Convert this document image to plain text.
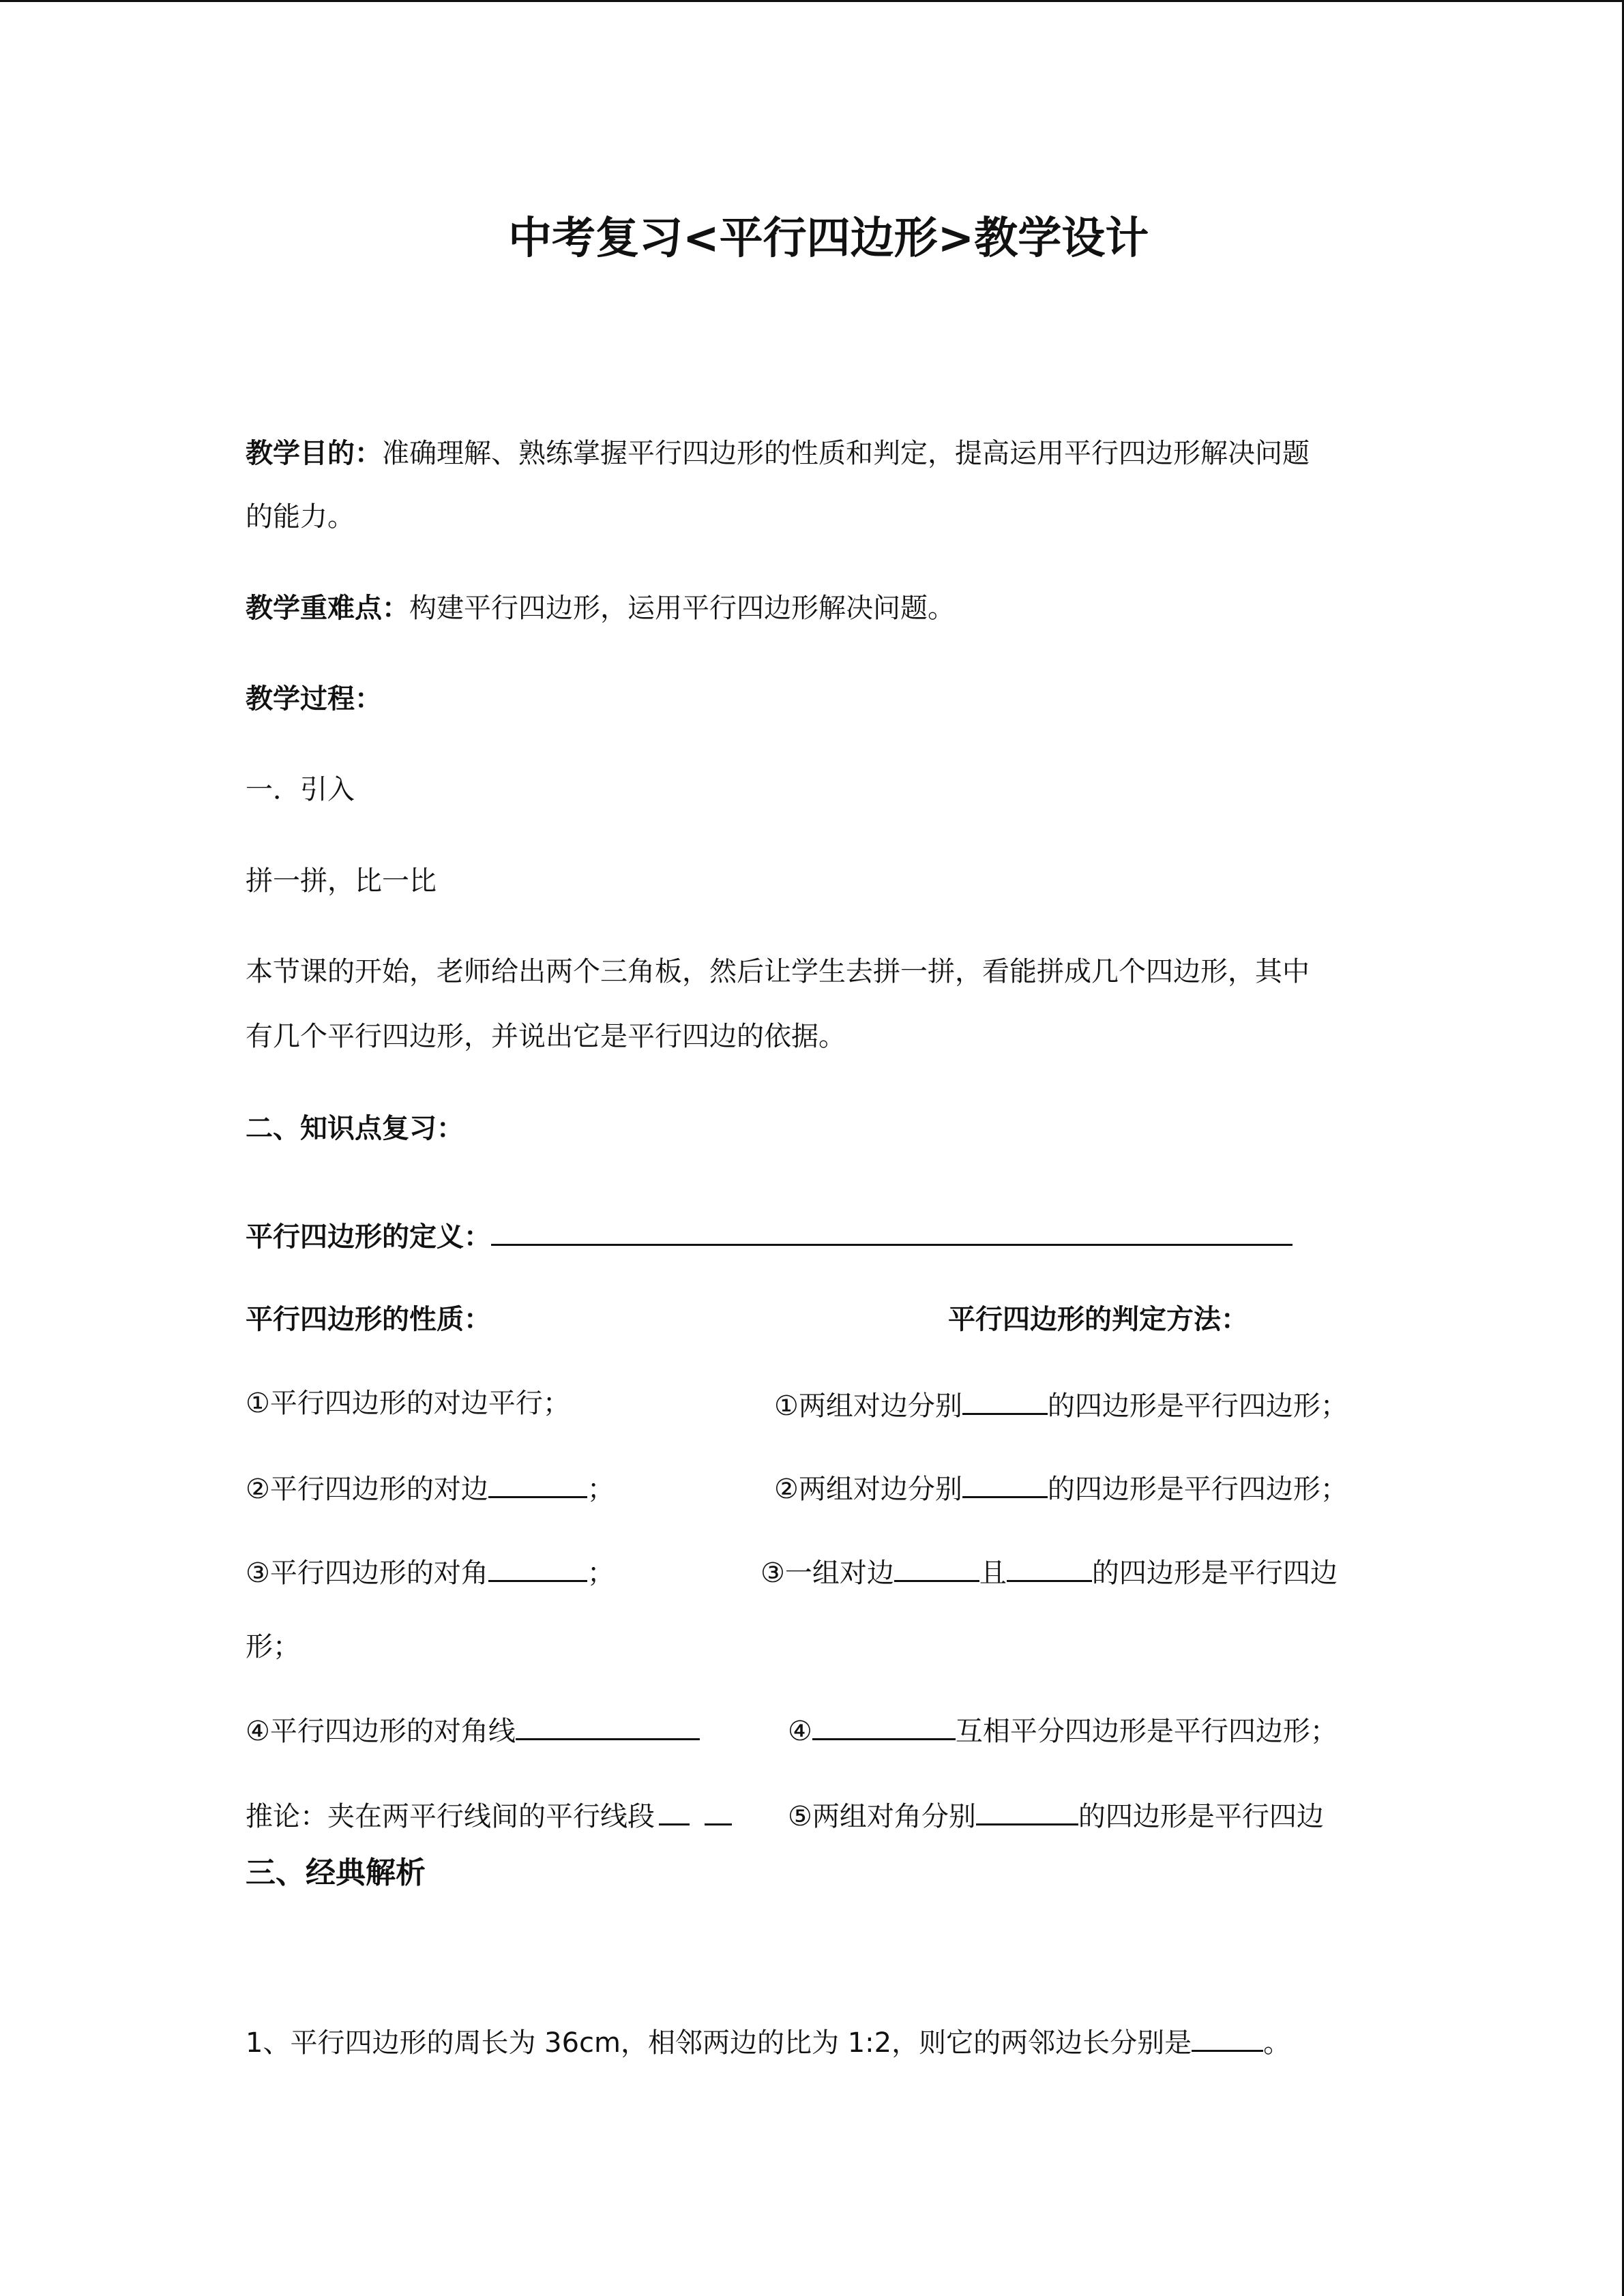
中考复习<平行四边形>教学设计
教学目的：准确理解、熟练掌握平行四边形的性质和判定，提高运用平行四边形解决问题
的能力。
教学重难点：构建平行四边形，运用平行四边形解决问题。
教学过程：
一．引入
拼一拼，比一比
本节课的开始，老师给出两个三角板，然后让学生去拼一拼，看能拼成几个四边形，其中
有几个平行四边形，并说出它是平行四边的依据。
二、知识点复习：
平行四边形的定义：
平行四边形的性质：	平行四边形的判定方法：
①平行四边形的对边平行；	①两组对边分别	的四边形是平行四边形；
②平行四边形的对边	；	②两组对边分别	的四边形是平行四边形；
③平行四边形的对角	；	③一组对边	且	的四边形是平行四边
形；
④平行四边形的对角线	④	互相平分四边形是平行四边形；
推论：夹在两平行线间的平行线段	⑤两组对角分别	的四边形是平行四边
三、经典解析
1、平行四边形的周长为 36cm，相邻两边的比为 1:2，则它的两邻边长分别是	。
